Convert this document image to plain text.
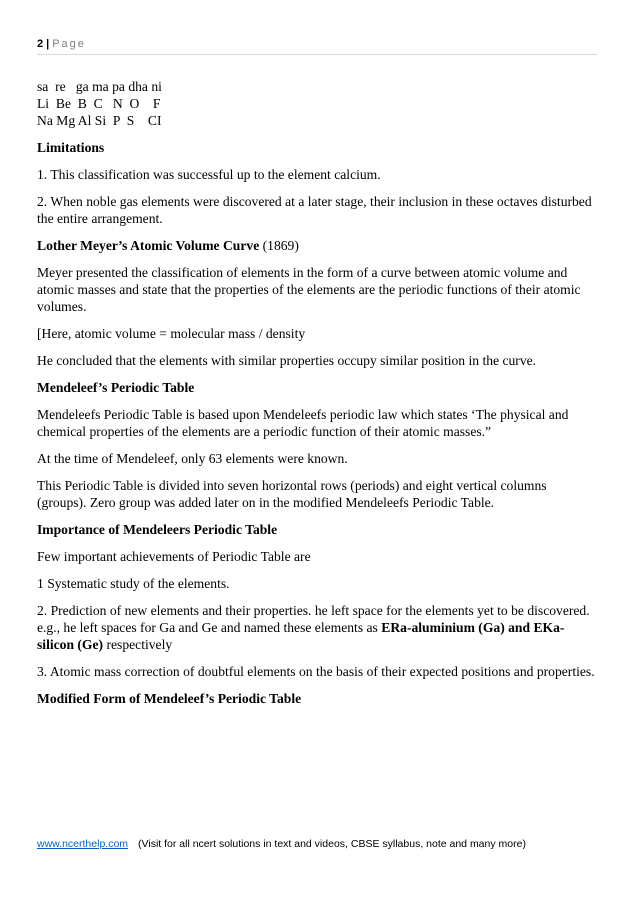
2 | Page
sa  re   ga ma pa dha ni
Li  Be  B  C   N  O    F
Na Mg Al Si  P  S    CI

Limitations

1. This classification was successful up to the element calcium.

2. When noble gas elements were discovered at a later stage, their inclusion in these octaves disturbed the entire arrangement.

Lother Meyer’s Atomic Volume Curve (1869)

Meyer presented the classification of elements in the form of a curve between atomic volume and atomic masses and state that the properties of the elements are the periodic functions of their atomic volumes.

[Here, atomic volume = molecular mass / density

He concluded that the elements with similar properties occupy similar position in the curve.

Mendeleef’s Periodic Table

Mendeleefs Periodic Table is based upon Mendeleefs periodic law which states ‘The physical and chemical properties of the elements are a periodic function of their atomic masses.”

At the time of Mendeleef, only 63 elements were known.

This Periodic Table is divided into seven horizontal rows (periods) and eight vertical columns (groups). Zero group was added later on in the modified Mendeleefs Periodic Table.

Importance of Mendeleers Periodic Table

Few important achievements of Periodic Table are

1 Systematic study of the elements.

2. Prediction of new elements and their properties. he left space for the elements yet to be discovered. e.g., he left spaces for Ga and Ge and named these elements as ERa-aluminium (Ga) and EKa-silicon (Ge) respectively

3. Atomic mass correction of doubtful elements on the basis of their expected positions and properties.

Modified Form of Mendeleef’s Periodic Table

www.ncerthelp.com (Visit for all ncert solutions in text and videos, CBSE syllabus, note and many more)
